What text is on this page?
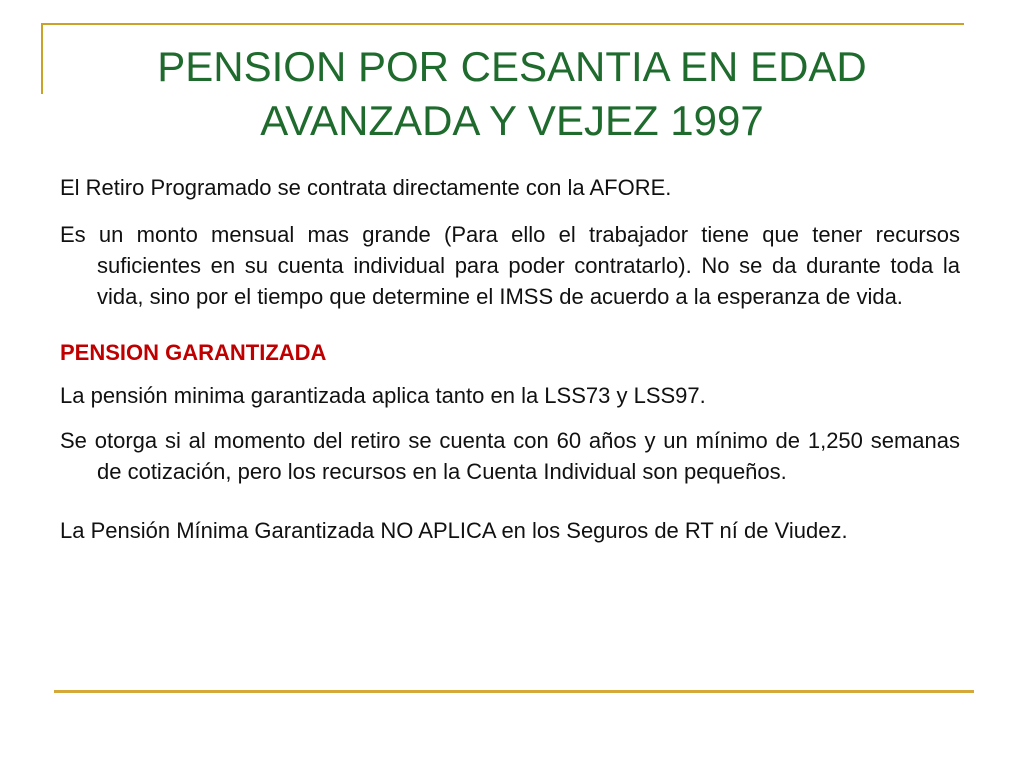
PENSION POR CESANTIA EN EDAD AVANZADA Y VEJEZ 1997

El Retiro Programado se contrata directamente con la AFORE.

Es un monto mensual mas grande (Para ello el trabajador tiene que tener recursos suficientes en su cuenta individual para poder contratarlo). No se da durante toda la vida, sino por el tiempo que determine el IMSS de acuerdo a la esperanza de vida.

PENSION GARANTIZADA

La pensión minima garantizada aplica tanto en la LSS73 y LSS97.

Se otorga si al momento del retiro se cuenta con 60 años y un mínimo de 1,250 semanas de cotización, pero los recursos en la Cuenta Individual son pequeños.

La Pensión Mínima Garantizada NO APLICA en los Seguros de RT ní de Viudez.
